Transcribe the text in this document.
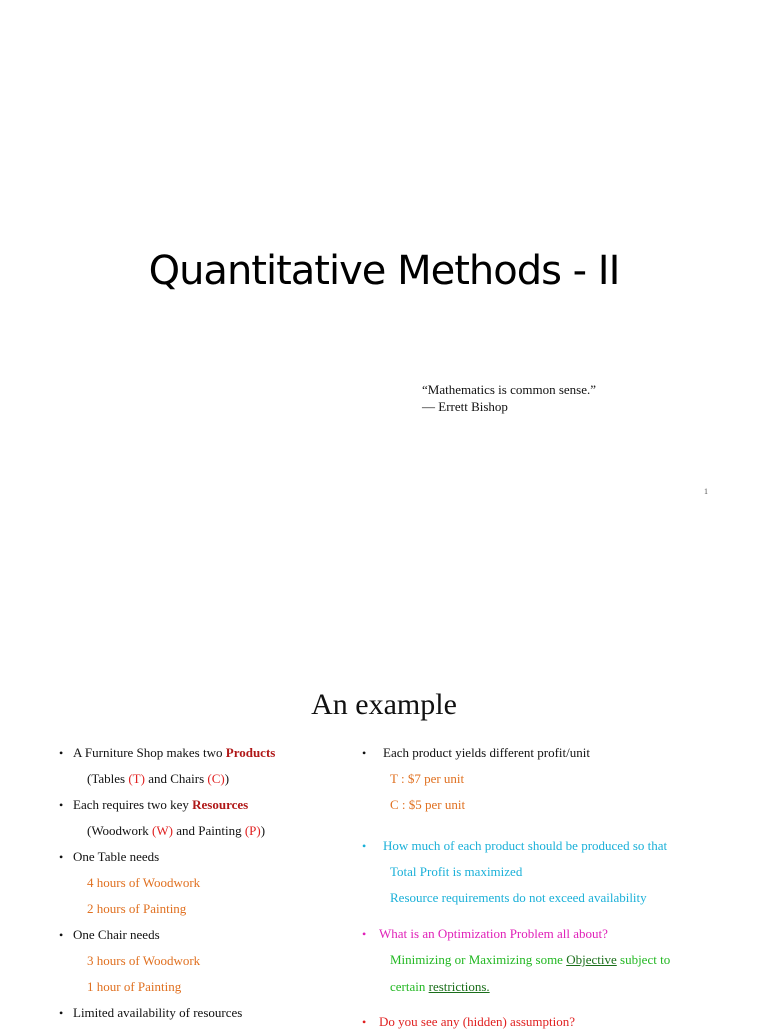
Quantitative Methods - II
“Mathematics is common sense.”
— Errett Bishop
1
An example
• A Furniture Shop makes two Products
(Tables (T) and Chairs (C))
• Each requires two key Resources
(Woodwork (W) and Painting (P))
• One Table needs
4 hours of Woodwork
2 hours of Painting
• One Chair needs
3 hours of Woodwork
1 hour of Painting
• Limited availability of resources
• Each product yields different profit/unit
T : $7 per unit
C : $5 per unit
• How much of each product should be produced so that
Total Profit is maximized
Resource requirements do not exceed availability
• What is an Optimization Problem all about?
Minimizing or Maximizing some Objective subject to
certain restrictions.
• Do you see any (hidden) assumption?
